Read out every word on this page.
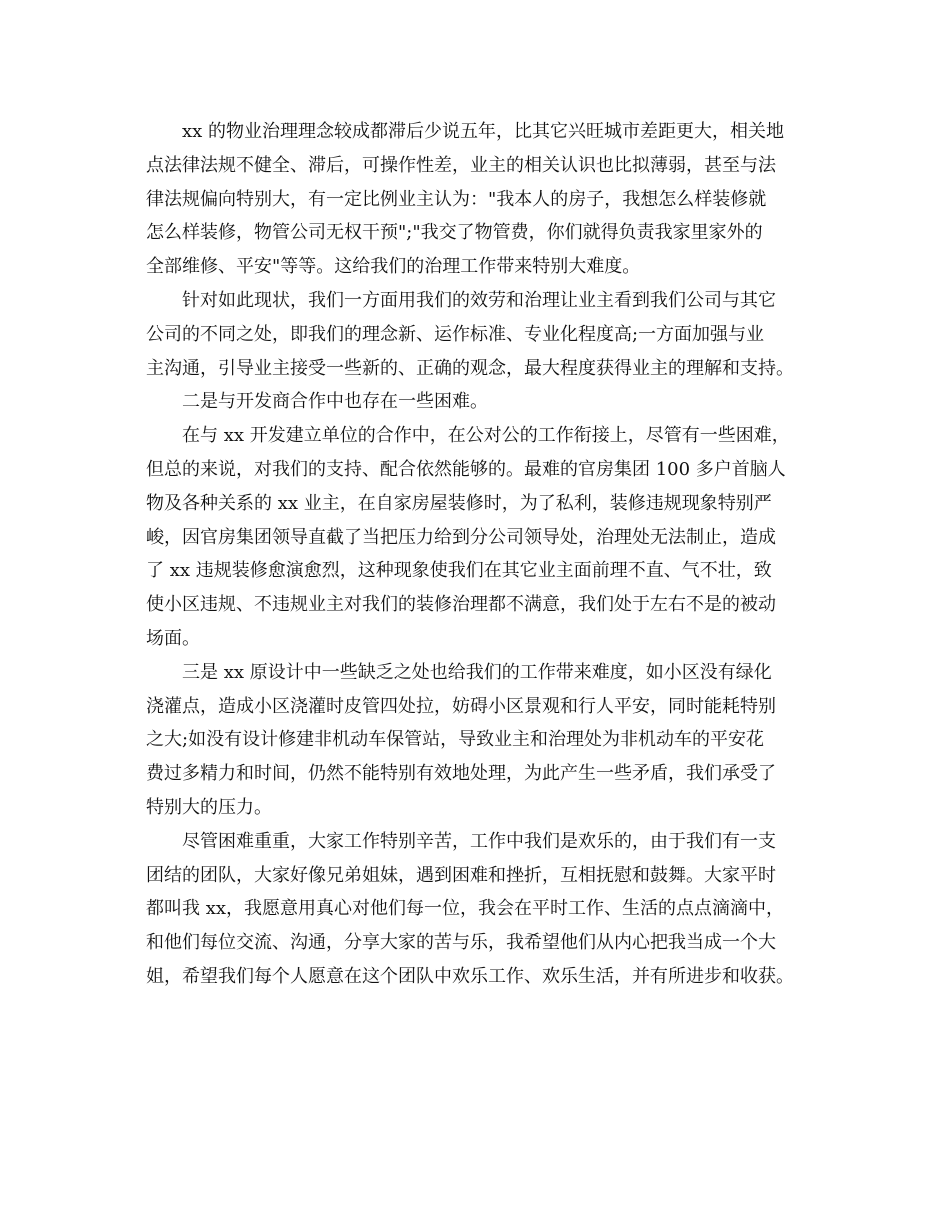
xx 的物业治理理念较成都滞后少说五年，比其它兴旺城市差距更大，相关地
点法律法规不健全、滞后，可操作性差，业主的相关认识也比拟薄弱，甚至与法
律法规偏向特别大，有一定比例业主认为："我本人的房子，我想怎么样装修就
怎么样装修，物管公司无权干预";"我交了物管费，你们就得负责我家里家外的
全部维修、平安"等等。这给我们的治理工作带来特别大难度。
针对如此现状，我们一方面用我们的效劳和治理让业主看到我们公司与其它
公司的不同之处，即我们的理念新、运作标准、专业化程度高;一方面加强与业
主沟通，引导业主接受一些新的、正确的观念，最大程度获得业主的理解和支持。
二是与开发商合作中也存在一些困难。
在与 xx 开发建立单位的合作中，在公对公的工作衔接上，尽管有一些困难，
但总的来说，对我们的支持、配合依然能够的。最难的官房集团 100 多户首脑人
物及各种关系的 xx 业主，在自家房屋装修时，为了私利，装修违规现象特别严
峻，因官房集团领导直截了当把压力给到分公司领导处，治理处无法制止，造成
了 xx 违规装修愈演愈烈，这种现象使我们在其它业主面前理不直、气不壮，致
使小区违规、不违规业主对我们的装修治理都不满意，我们处于左右不是的被动
场面。
三是 xx 原设计中一些缺乏之处也给我们的工作带来难度，如小区没有绿化
浇灌点，造成小区浇灌时皮管四处拉，妨碍小区景观和行人平安，同时能耗特别
之大;如没有设计修建非机动车保管站，导致业主和治理处为非机动车的平安花
费过多精力和时间，仍然不能特别有效地处理，为此产生一些矛盾，我们承受了
特别大的压力。
尽管困难重重，大家工作特别辛苦，工作中我们是欢乐的，由于我们有一支
团结的团队，大家好像兄弟姐妹，遇到困难和挫折，互相抚慰和鼓舞。大家平时
都叫我 xx，我愿意用真心对他们每一位，我会在平时工作、生活的点点滴滴中，
和他们每位交流、沟通，分享大家的苦与乐，我希望他们从内心把我当成一个大
姐，希望我们每个人愿意在这个团队中欢乐工作、欢乐生活，并有所进步和收获。
